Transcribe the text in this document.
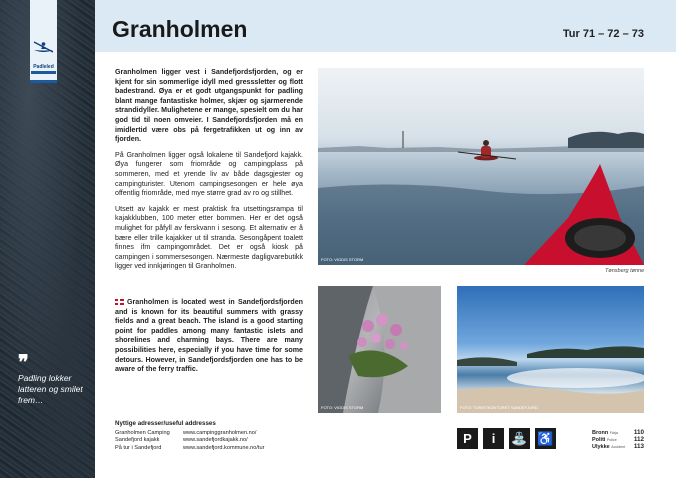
Padleled
❞
Padling lokker latteren og smilet frem…
Granholmen	Tur 71 – 72 – 73

Granholmen ligger vest i Sandefjordsfjorden, og er kjent for sin sommerlige idyll med gresssletter og flott badestrand. Øya er et godt utgangspunkt for padling blant mange fantastiske holmer, skjær og sjarmerende strandidyller. Mulighetene er mange, spesielt om du har god tid til noen omveier. I Sandefjordsfjorden må en imidlertid være obs på fergetrafikken ut og inn av fjorden.

På Granholmen ligger også lokalene til Sandefjord kajakk. Øya fungerer som friområde og campingplass på sommeren, med et yrende liv av både dagsgjester og campingturister. Utenom campingsesongen er hele øya offentlig friområde, med mye større grad av ro og stillhet.

Utsett av kajakk er mest praktisk fra utsettingsrampa til kajakklubben, 100 meter etter bommen. Her er det også mulighet for påfyll av ferskvann i sesong. Et alternativ er å bære eller trille kajakker ut til stranda. Sesongåpent toalett finnes ifm campingområdet. Det er også kiosk på campingen i sommersesongen. Nærmeste dagligvarebutikk ligger ved innkjøringen til Granholmen.

Granholmen is located west in Sandefjordsfjorden and is known for its beautiful summers with grassy fields and a great beach. The island is a good starting point for paddles among many fantastic islets and shorelines and charming bays. There are many possibilities here, especially if you have time for some detours. However, in Sandefjordsfjorden one has to be aware of the ferry traffic.

Nyttige adresser/useful addresses
Granholmen Camping	www.campinggranholmen.no/
Sandefjord kajakk	www.sandefjordkajakk.no/
På tur i Sandefjord	www.sandefjord.kommune.no/tur
FOTO: VIGDIS STORM
Tønsberg tønne
FOTO: VIGDIS STORM	FOTO: TURISTKONTORET SANDEFJORD
P	i	⛲ ♿	Bronn Färja	110
Politi Police	112
Ulykke Accident 113
